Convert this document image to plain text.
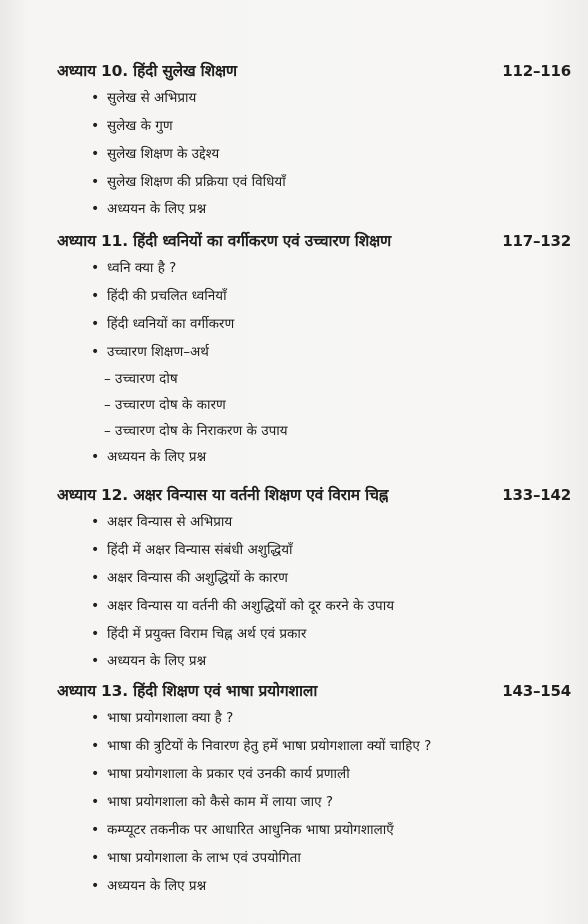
अध्याय 10. हिंदी सुलेख शिक्षण	112–116
• सुलेख से अभिप्राय
• सुलेख के गुण
• सुलेख शिक्षण के उद्देश्य
• सुलेख शिक्षण की प्रक्रिया एवं विधियाँ
• अध्ययन के लिए प्रश्न
अध्याय 11. हिंदी ध्वनियों का वर्गीकरण एवं उच्चारण शिक्षण	117–132
• ध्वनि क्या है ?
• हिंदी की प्रचलित ध्वनियाँ
• हिंदी ध्वनियों का वर्गीकरण
• उच्चारण शिक्षण–अर्थ
– उच्चारण दोष
– उच्चारण दोष के कारण
– उच्चारण दोष के निराकरण के उपाय
• अध्ययन के लिए प्रश्न
अध्याय 12. अक्षर विन्यास या वर्तनी शिक्षण एवं विराम चिह्न	133–142
• अक्षर विन्यास से अभिप्राय
• हिंदी में अक्षर विन्यास संबंधी अशुद्धियाँ
• अक्षर विन्यास की अशुद्धियों के कारण
• अक्षर विन्यास या वर्तनी की अशुद्धियों को दूर करने के उपाय
• हिंदी में प्रयुक्त विराम चिह्न अर्थ एवं प्रकार
• अध्ययन के लिए प्रश्न
अध्याय 13. हिंदी शिक्षण एवं भाषा प्रयोगशाला	143–154
• भाषा प्रयोगशाला क्या है ?
• भाषा की त्रुटियों के निवारण हेतु हमें भाषा प्रयोगशाला क्यों चाहिए ?
• भाषा प्रयोगशाला के प्रकार एवं उनकी कार्य प्रणाली
• भाषा प्रयोगशाला को कैसे काम में लाया जाए ?
• कम्प्यूटर तकनीक पर आधारित आधुनिक भाषा प्रयोगशालाएँ
• भाषा प्रयोगशाला के लाभ एवं उपयोगिता
• अध्ययन के लिए प्रश्न
